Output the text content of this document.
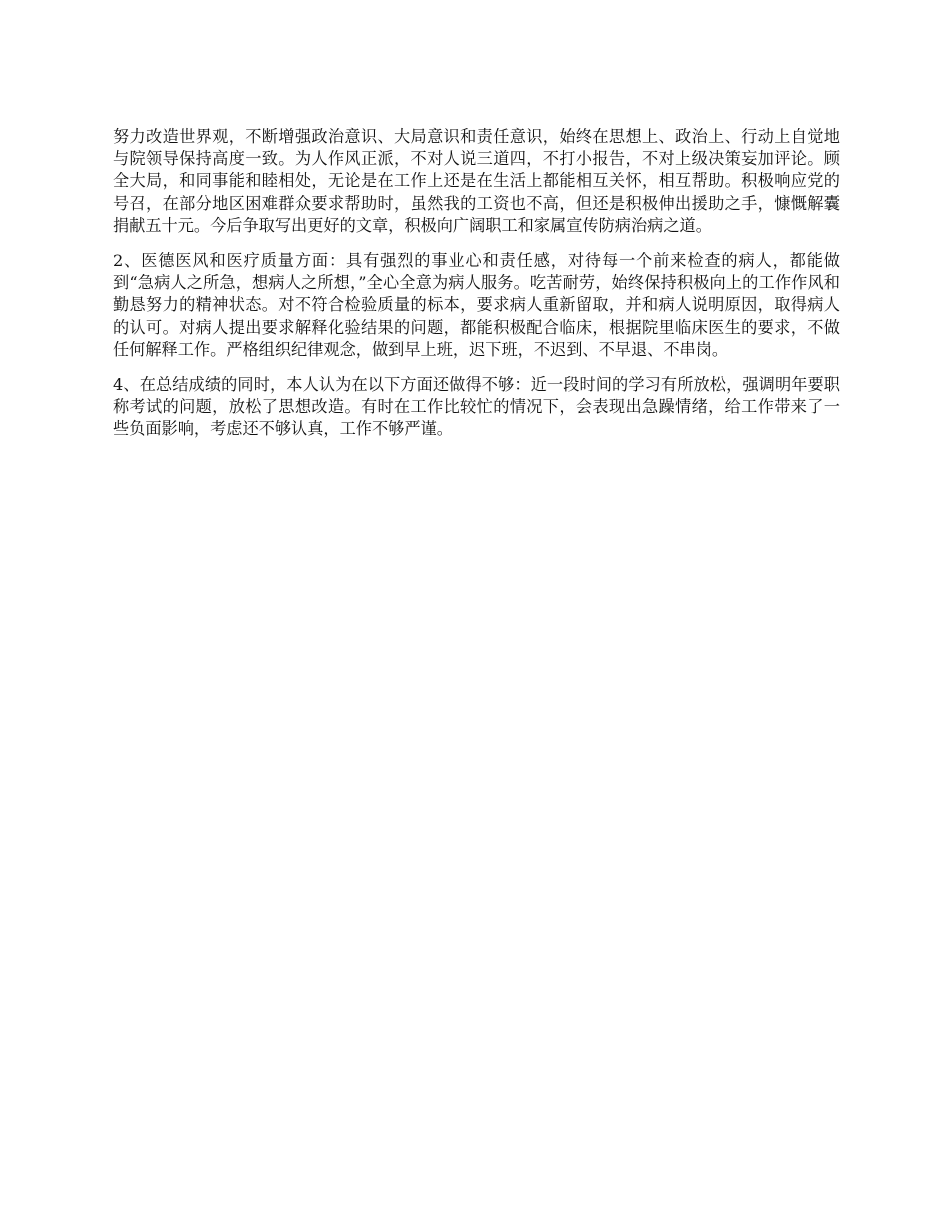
努力改造世界观，不断增强政治意识、大局意识和责任意识，始终在思想上、政治上、行动上自觉地与院领导保持高度一致。为人作风正派，不对人说三道四，不打小报告，不对上级决策妄加评论。顾全大局，和同事能和睦相处，无论是在工作上还是在生活上都能相互关怀，相互帮助。积极响应党的号召，在部分地区困难群众要求帮助时，虽然我的工资也不高，但还是积极伸出援助之手，慷慨解囊捐献五十元。今后争取写出更好的文章，积极向广阔职工和家属宣传防病治病之道。

2、医德医风和医疗质量方面：具有强烈的事业心和责任感，对待每一个前来检查的病人，都能做到“急病人之所急，想病人之所想，”全心全意为病人服务。吃苦耐劳，始终保持积极向上的工作作风和勤恳努力的精神状态。对不符合检验质量的标本，要求病人重新留取，并和病人说明原因，取得病人的认可。对病人提出要求解释化验结果的问题，都能积极配合临床，根据院里临床医生的要求，不做任何解释工作。严格组织纪律观念，做到早上班，迟下班，不迟到、不早退、不串岗。

4、在总结成绩的同时，本人认为在以下方面还做得不够：近一段时间的学习有所放松，强调明年要职称考试的问题，放松了思想改造。有时在工作比较忙的情况下，会表现出急躁情绪，给工作带来了一些负面影响，考虑还不够认真，工作不够严谨。
